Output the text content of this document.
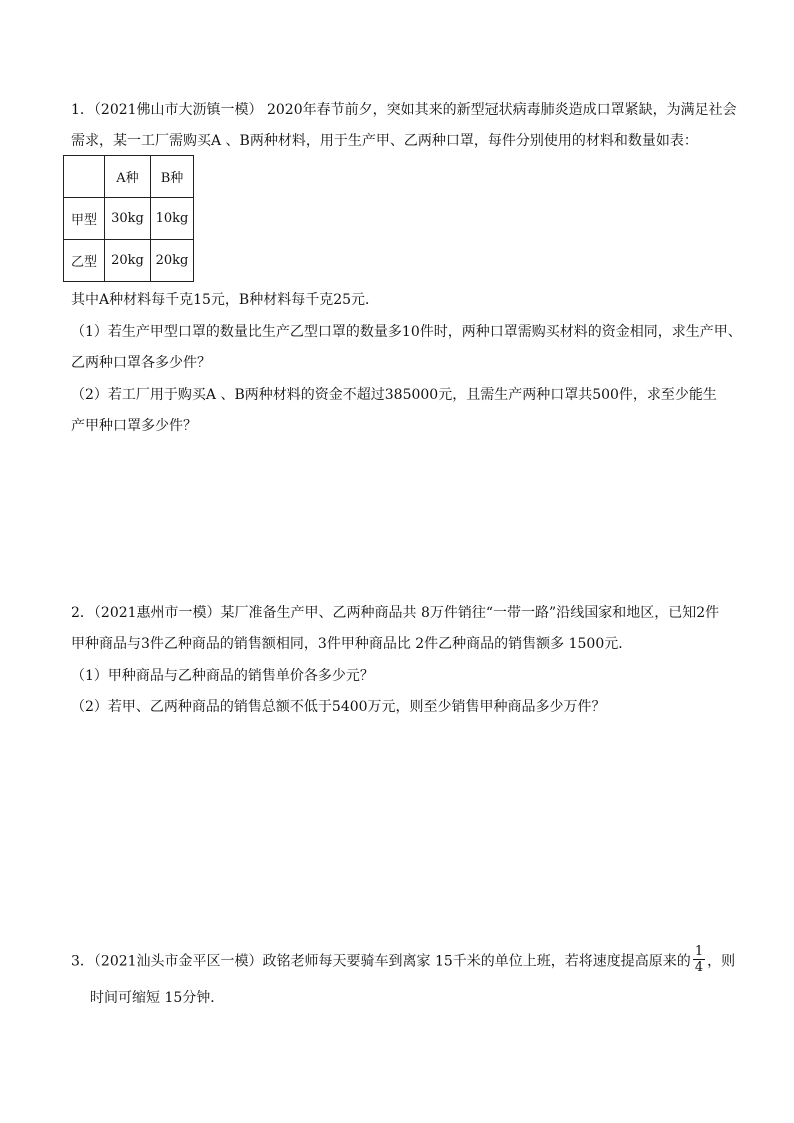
1．（2021佛山市大沥镇一模） 2020年春节前夕，突如其来的新型冠状病毒肺炎造成口罩紧缺，为满足社会
需求，某一工厂需购买A 、B两种材料，用于生产甲、乙两种口罩，每件分别使用的材料和数量如表：
	A种	B种
甲型	30kg	10kg
乙型	20kg	20kg
其中A种材料每千克15元，B种材料每千克25元．
（1）若生产甲型口罩的数量比生产乙型口罩的数量多10件时，两种口罩需购买材料的资金相同，求生产甲、
乙两种口罩各多少件？
（2）若工厂用于购买A 、B两种材料的资金不超过385000元，且需生产两种口罩共500件，求至少能生
产甲种口罩多少件？
2．（2021惠州市一模）某厂准备生产甲、乙两种商品共 8万件销往“一带一路”沿线国家和地区，已知2件
甲种商品与3件乙种商品的销售额相同，3件甲种商品比 2件乙种商品的销售额多 1500元．
（1）甲种商品与乙种商品的销售单价各多少元？
（2）若甲、乙两种商品的销售总额不低于5400万元，则至少销售甲种商品多少万件？
3．（2021汕头市金平区一模）政铭老师每天要骑车到离家 15千米的单位上班，若将速度提高原来的 $\frac{1}{4}$ ，则
时间可缩短 15分钟．
